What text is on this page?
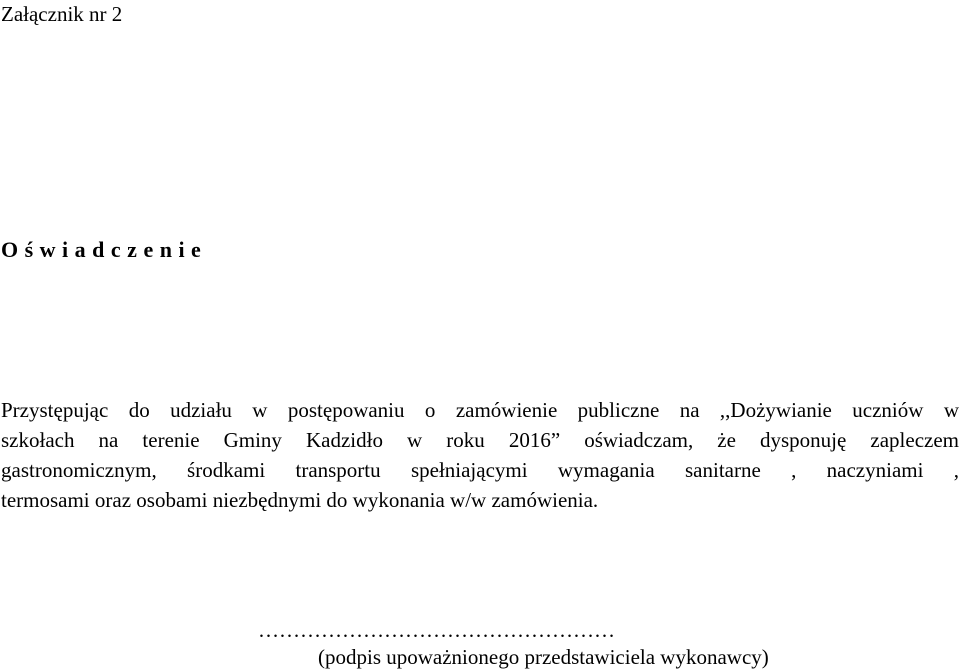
Załącznik nr 2
O ś w i a d c z e n i e
Przystępując do udziału w postępowaniu o zamówienie publiczne na ,,Dożywianie uczniów w
szkołach na terenie Gminy Kadzidło w roku 2016” oświadczam, że dysponuję zapleczem
gastronomicznym, środkami transportu spełniającymi wymagania sanitarne , naczyniami ,
termosami oraz osobami niezbędnymi do wykonania w/w zamówienia.
……………………………………………
(podpis upoważnionego przedstawiciela wykonawcy)
